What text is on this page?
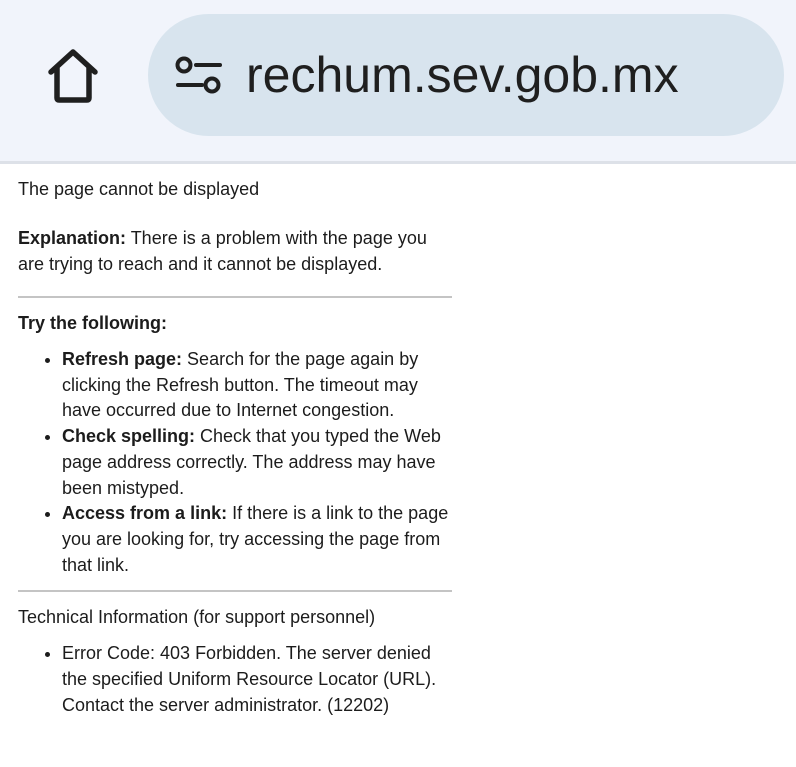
rechum.sev.gob.mx

The page cannot be displayed

Explanation: There is a problem with the page you are trying to reach and it cannot be displayed.

Try the following:

• Refresh page: Search for the page again by clicking the Refresh button. The timeout may have occurred due to Internet congestion.
• Check spelling: Check that you typed the Web page address correctly. The address may have been mistyped.
• Access from a link: If there is a link to the page you are looking for, try accessing the page from that link.

Technical Information (for support personnel)

• Error Code: 403 Forbidden. The server denied the specified Uniform Resource Locator (URL). Contact the server administrator. (12202)
